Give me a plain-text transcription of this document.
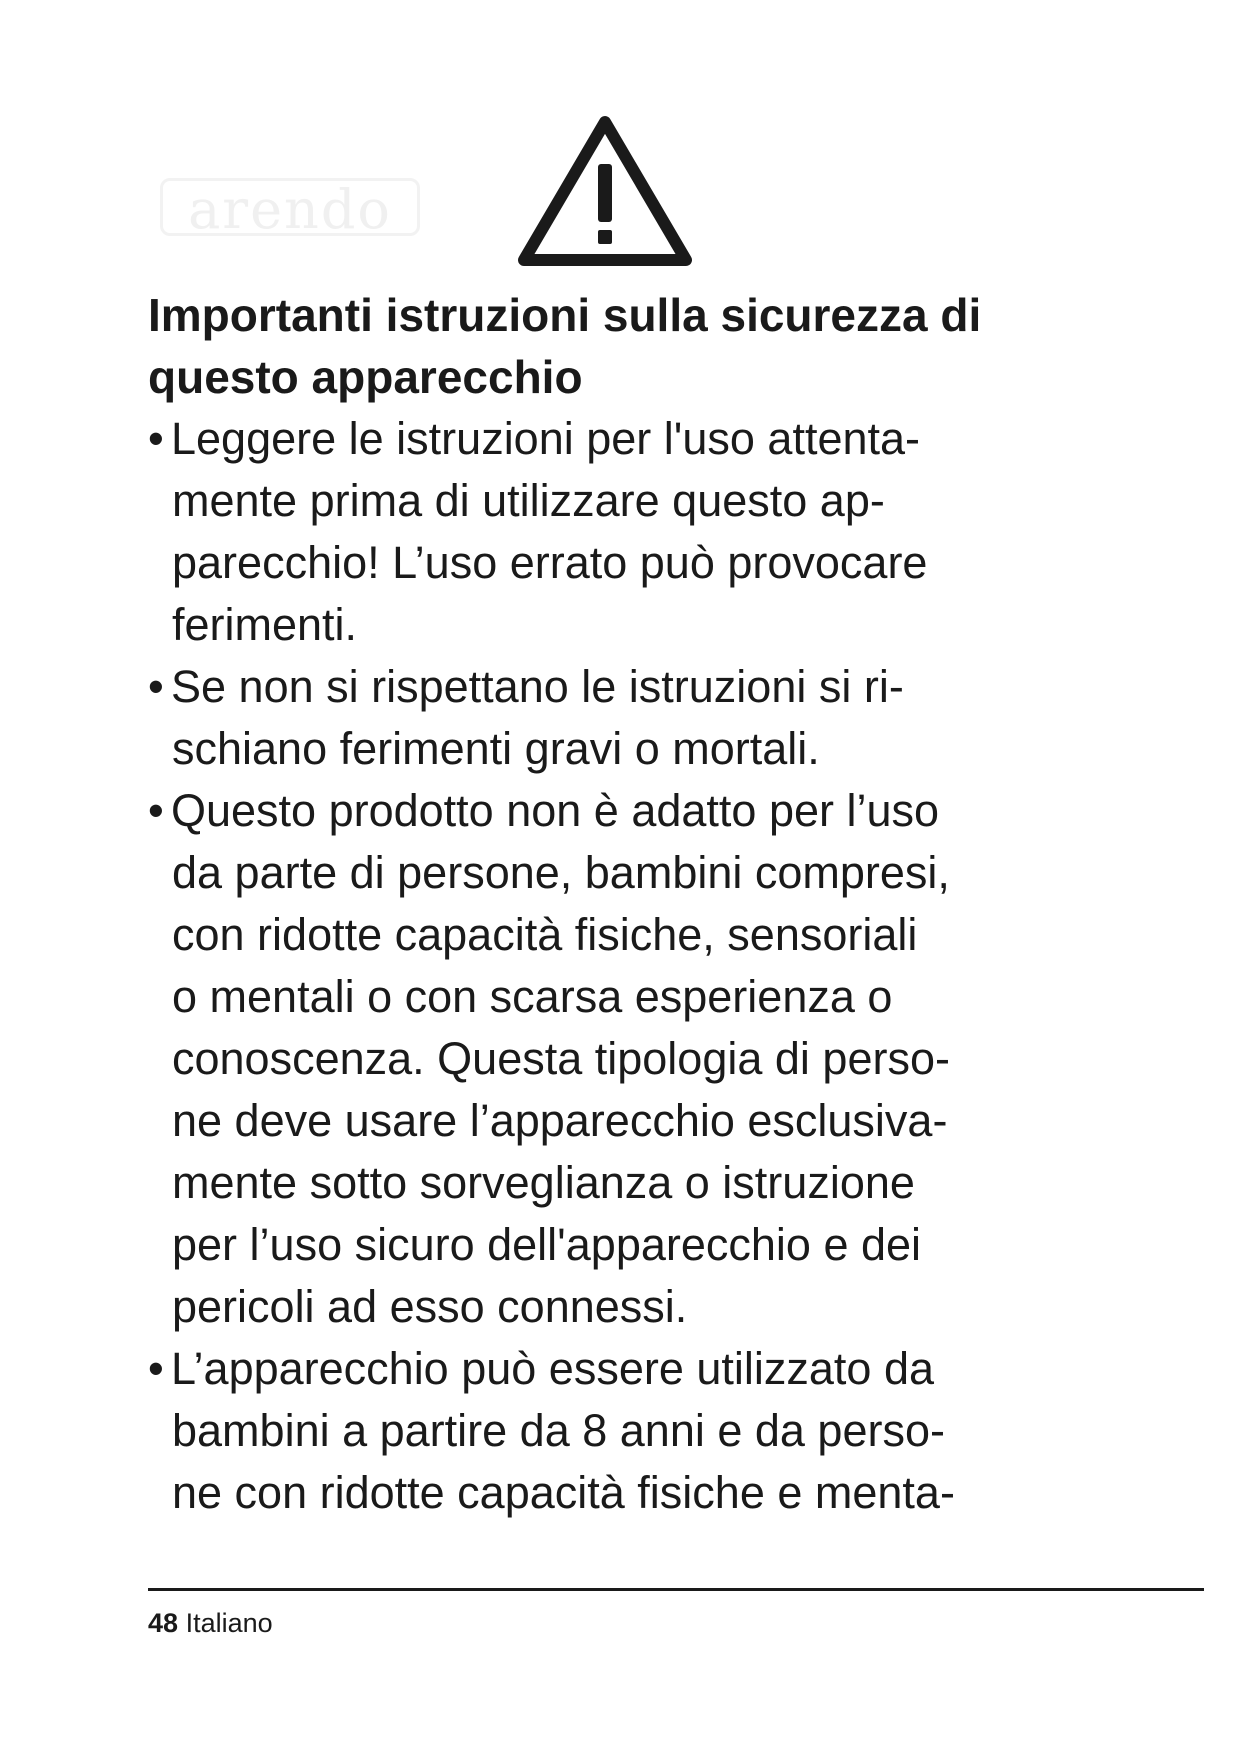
arendo
Importanti istruzioni sulla sicurezza di
questo apparecchio
• Leggere le istruzioni per l'uso attenta-
mente prima di utilizzare questo ap-
parecchio! L’uso errato può provocare
ferimenti.
• Se non si rispettano le istruzioni si ri-
schiano ferimenti gravi o mortali.
• Questo prodotto non è adatto per l’uso
da parte di persone, bambini compresi,
con ridotte capacità fisiche, sensoriali
o mentali o con scarsa esperienza o
conoscenza. Questa tipologia di perso-
ne deve usare l’apparecchio esclusiva-
mente sotto sorveglianza o istruzione
per l’uso sicuro dell'apparecchio e dei
pericoli ad esso connessi.
• L’apparecchio può essere utilizzato da
bambini a partire da 8 anni e da perso-
ne con ridotte capacità fisiche e menta-
48 Italiano
